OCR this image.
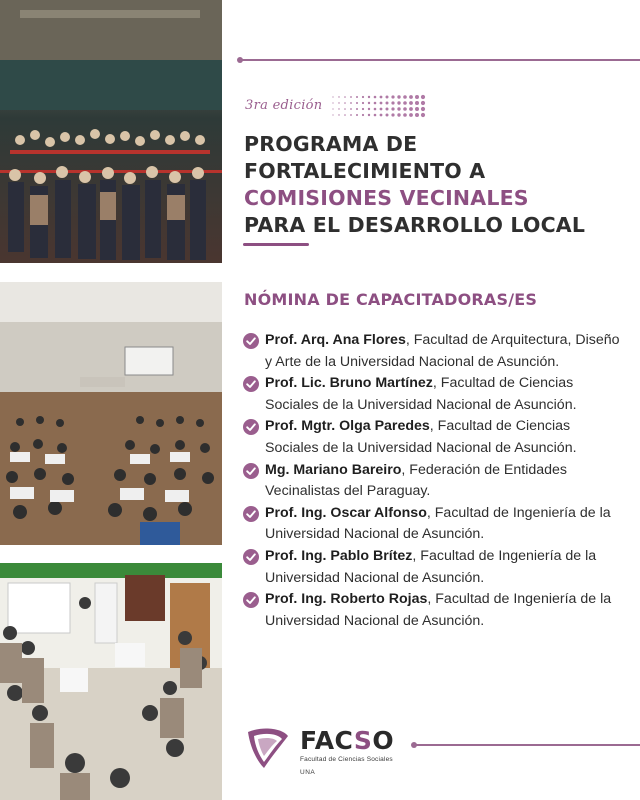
3ra edición
PROGRAMA DE
FORTALECIMIENTO A
COMISIONES VECINALES
PARA EL DESARROLLO LOCAL
NÓMINA DE CAPACITADORAS/ES
Prof. Arq. Ana Flores, Facultad de Arquitectura, Diseño y Arte de la Universidad Nacional de Asunción.
Prof. Lic. Bruno Martínez, Facultad de Ciencias Sociales de la Universidad Nacional de Asunción.
Prof. Mgtr. Olga Paredes, Facultad de Ciencias Sociales de la Universidad Nacional de Asunción.
Mg. Mariano Bareiro, Federación de Entidades Vecinalistas del Paraguay.
Prof. Ing. Oscar Alfonso, Facultad de Ingeniería de la Universidad Nacional de Asunción.
Prof. Ing. Pablo Brítez, Facultad de Ingeniería de la Universidad Nacional de Asunción.
Prof. Ing. Roberto Rojas, Facultad de Ingeniería de la Universidad Nacional de Asunción.
FACSO
Facultad de Ciencias Sociales
UNA
